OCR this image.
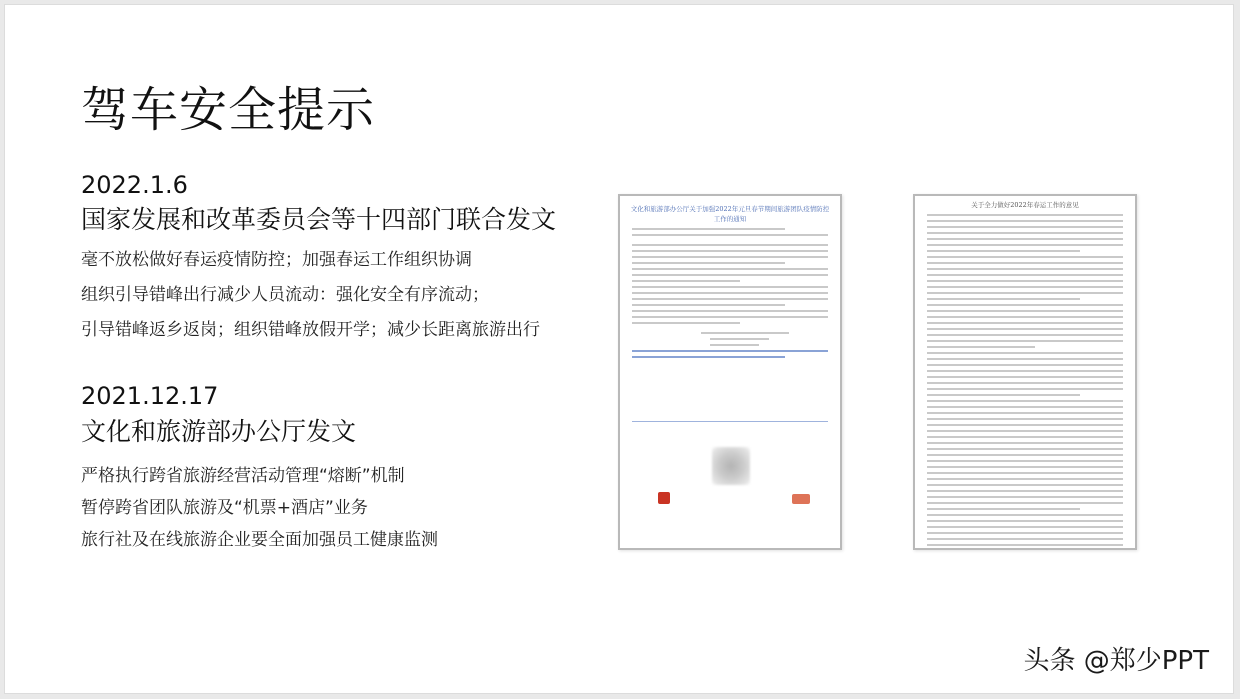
驾车安全提示
2022.1.6
国家发展和改革委员会等十四部门联合发文
毫不放松做好春运疫情防控；加强春运工作组织协调
组织引导错峰出行减少人员流动：强化安全有序流动；
引导错峰返乡返岗；组织错峰放假开学；减少长距离旅游出行
2021.12.17
文化和旅游部办公厅发文
严格执行跨省旅游经营活动管理“熔断”机制
暂停跨省团队旅游及“机票+酒店”业务
旅行社及在线旅游企业要全面加强员工健康监测
文化和旅游部办公厅关于加强2022年元旦春节期间旅游团队疫情防控工作的通知
关于全力做好2022年春运工作的意见
头条 @郑少PPT
